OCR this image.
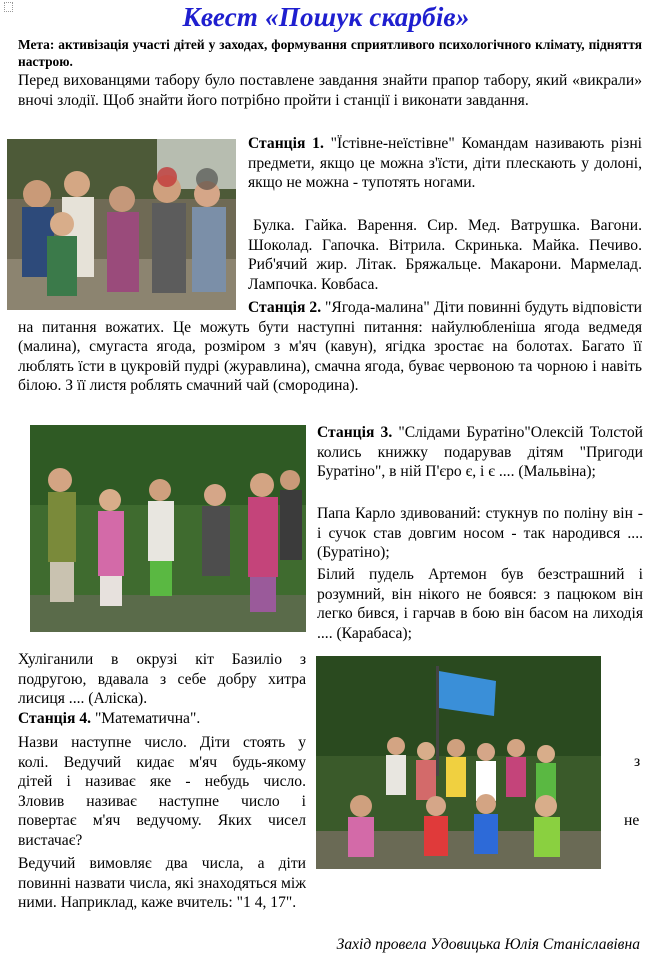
Квест «Пошук скарбів»
Мета: активізація участі дітей у заходах, формування сприятливого психологічного клімату, підняття настрою.

Перед вихованцями табору було поставлене завдання знайти прапор табору, який «викрали» вночі злодії. Щоб знайти його потрібно пройти і станції і виконати завдання.

Станція 1. "Їстівне-неїстівне" Командам називають різні предмети, якщо це можна з'їсти, діти плескають у долоні, якщо не можна - тупотять ногами.

Булка. Гайка. Варення. Сир. Мед. Ватрушка. Вагони. Шоколад. Гапочка. Вітрила. Скринька. Майка. Печиво. Риб'ячий жир. Літак. Бряжальце. Макарони. Мармелад. Лампочка. Ковбаса.

Станція 2. "Ягода-малина" Діти повинні будуть відповісти на питання вожатих. Це можуть бути наступні питання: найулюбленіша ягода ведмедя (малина), смугаста ягода, розміром з м'яч (кавун), ягідка зростає на болотах. Багато її люблять їсти в цукровій пудрі (журавлина), смачна ягода, буває червоною та чорною і навіть білою. З її листя роблять смачний чай (смородина).
Станція 3. "Слідами Буратіно"Олексій Толстой колись книжку подарував дітям "Пригоди Буратіно", в ній П'єро є, і є .... (Мальвіна);

Папа Карло здивований: стукнув по поліну він - і сучок став довгим носом - так народився .... (Буратіно);

Білий пудель Артемон був безстрашний і розумний, він нікого не боявся: з пацюком він легко бився, і гарчав в бою він басом на лиходія .... (Карабаса);

Хуліганили в окрузі кіт Базиліо з подругою, вдавала з себе добру хитра лисиця .... (Аліска).

Станція 4. "Математична".
Назви наступне число. Діти стоять у
колі. Ведучий кидає м'яч будь-якому
дітей і називає яке - небудь число.
Зловив називає наступне число і
повертає м'яч ведучому. Яких чисел
вистачає?
з
не

Ведучий вимовляє два числа, а діти повинні назвати числа, які знаходяться між ними. Наприклад, каже вчитель: "1 4, 17".

Захід провела Удовицька Юлія Станіславівна
